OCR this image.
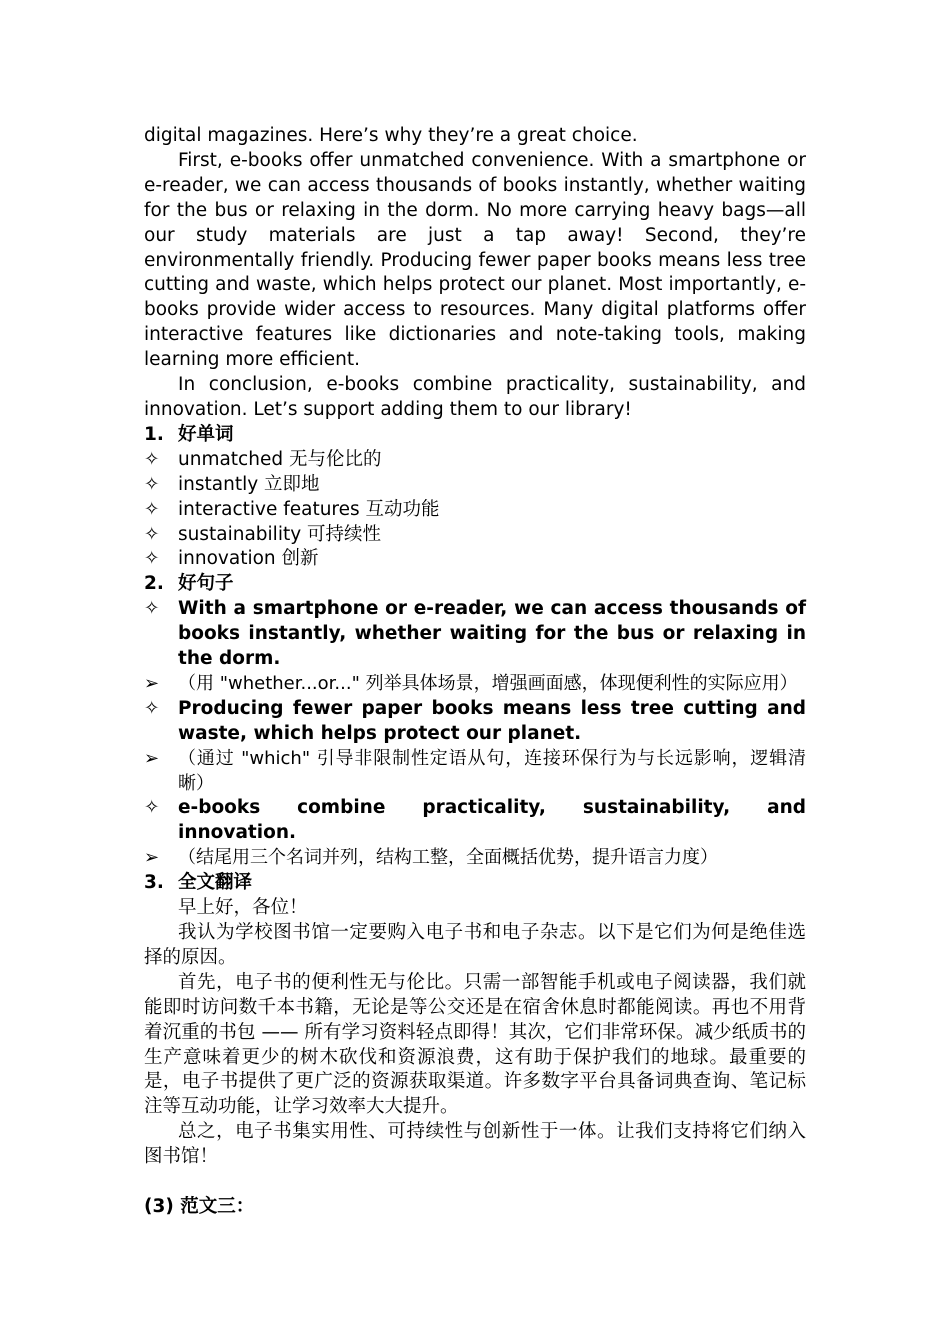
digital magazines. Here’s why they’re a great choice.

First, e-books offer unmatched convenience. With a smartphone or e-reader, we can access thousands of books instantly, whether waiting for the bus or relaxing in the dorm. No more carrying heavy bags—all our study materials are just a tap away! Second, they’re environmentally friendly. Producing fewer paper books means less tree cutting and waste, which helps protect our planet. Most importantly, e-books provide wider access to resources. Many digital platforms offer interactive features like dictionaries and note-taking tools, making learning more efficient.

In conclusion, e-books combine practicality, sustainability, and innovation. Let’s support adding them to our library!

1. 好单词
✧ unmatched 无与伦比的
✧ instantly 立即地
✧ interactive features 互动功能
✧ sustainability 可持续性
✧ innovation 创新
2. 好句子
✧ With a smartphone or e-reader, we can access thousands of books instantly, whether waiting for the bus or relaxing in the dorm.
➢	（用 "whether...or..." 列举具体场景，增强画面感，体现便利性的实际应用）
✧ Producing fewer paper books means less tree cutting and waste, which helps protect our planet.
➢	（通过 "which" 引导非限制性定语从句，连接环保行为与长远影响，逻辑清晰）
✧ e-books combine practicality, sustainability, and innovation.
➢	（结尾用三个名词并列，结构工整，全面概括优势，提升语言力度）
3. 全文翻译

早上好，各位！

我认为学校图书馆一定要购入电子书和电子杂志。以下是它们为何是绝佳选择的原因。

首先，电子书的便利性无与伦比。只需一部智能手机或电子阅读器，我们就能即时访问数千本书籍，无论是等公交还是在宿舍休息时都能阅读。再也不用背着沉重的书包 —— 所有学习资料轻点即得！其次，它们非常环保。减少纸质书的生产意味着更少的树木砍伐和资源浪费，这有助于保护我们的地球。最重要的是，电子书提供了更广泛的资源获取渠道。许多数字平台具备词典查询、笔记标注等互动功能，让学习效率大大提升。

总之，电子书集实用性、可持续性与创新性于一体。让我们支持将它们纳入图书馆！

(3) 范文三：
